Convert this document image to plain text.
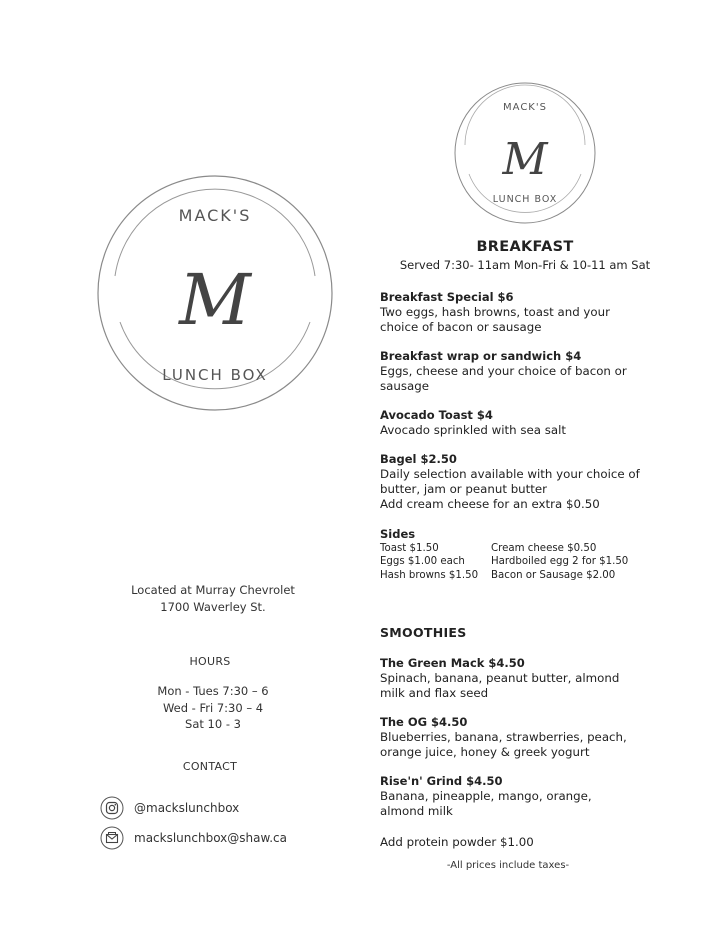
MACK'S
M
LUNCH BOX
MACK'S
M
LUNCH BOX
Located at Murray Chevrolet
1700 Waverley St.
HOURS
Mon - Tues 7:30 – 6
Wed - Fri 7:30 – 4
Sat 10 - 3
CONTACT
@mackslunchbox
mackslunchbox@shaw.ca
BREAKFAST
Served 7:30- 11am Mon-Fri & 10-11 am Sat
Breakfast Special $6
Two eggs, hash browns, toast and your
choice of bacon or sausage
Breakfast wrap or sandwich $4
Eggs, cheese and your choice of bacon or
sausage
Avocado Toast $4
Avocado sprinkled with sea salt
Bagel $2.50
Daily selection available with your choice of
butter, jam or peanut butter
Add cream cheese for an extra $0.50
Sides
Toast $1.50	Cream cheese $0.50
Eggs $1.00 each	Hardboiled egg 2 for $1.50
Hash browns $1.50	Bacon or Sausage $2.00
SMOOTHIES
The Green Mack $4.50
Spinach, banana, peanut butter, almond
milk and flax seed
The OG $4.50
Blueberries, banana, strawberries, peach,
orange juice, honey & greek yogurt
Rise'n' Grind $4.50
Banana, pineapple, mango, orange,
almond milk
Add protein powder $1.00
-All prices include taxes-
